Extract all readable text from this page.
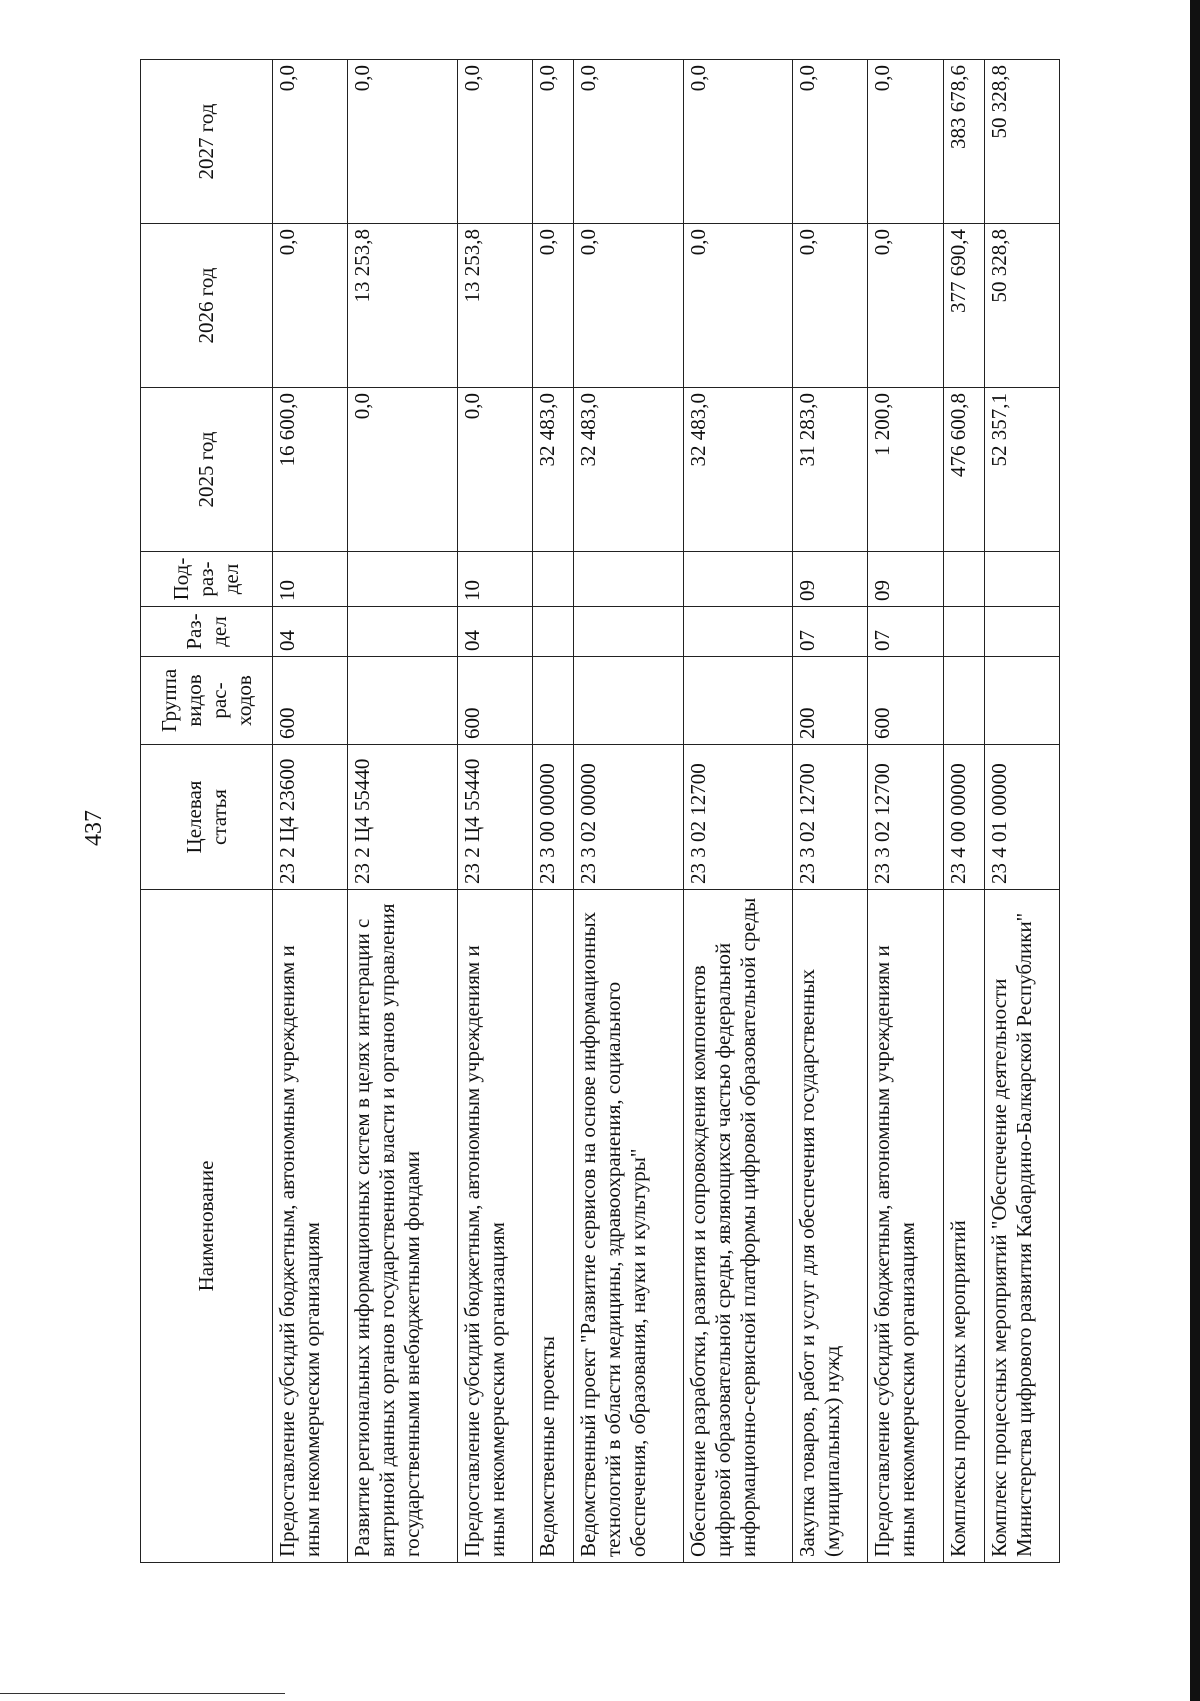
437
Наименование	Целевая статья	Группа видов рас-ходов	Раз-дел	Под-раз-дел	2025 год	2026 год	2027 год
Предоставление субсидий бюджетным, автономным учреждениям и иным некоммерческим организациям	23 2 Ц4 23600	600	04	10	16 600,0	0,0	0,0
Развитие региональных информационных систем в целях интеграции с витриной данных органов государственной власти и органов управления государственными внебюджетными фондами	23 2 Ц4 55440				0,0	13 253,8	0,0
Предоставление субсидий бюджетным, автономным учреждениям и иным некоммерческим организациям	23 2 Ц4 55440	600	04	10	0,0	13 253,8	0,0
Ведомственные проекты	23 3 00 00000				32 483,0	0,0	0,0
Ведомственный проект "Развитие сервисов на основе информационных технологий в области медицины, здравоохранения, социального обеспечения, образования, науки и культуры"	23 3 02 00000				32 483,0	0,0	0,0
Обеспечение разработки, развития и сопровождения компонентов цифровой образовательной среды, являющихся частью федеральной информационно-сервисной платформы цифровой образовательной среды	23 3 02 12700				32 483,0	0,0	0,0
Закупка товаров, работ и услуг для обеспечения государственных (муниципальных) нужд	23 3 02 12700	200	07	09	31 283,0	0,0	0,0
Предоставление субсидий бюджетным, автономным учреждениям и иным некоммерческим организациям	23 3 02 12700	600	07	09	1 200,0	0,0	0,0
Комплексы процессных мероприятий	23 4 00 00000				476 600,8	377 690,4	383 678,6
Комплекс процессных мероприятий "Обеспечение деятельности Министерства цифрового развития Кабардино-Балкарской Республики"	23 4 01 00000				52 357,1	50 328,8	50 328,8
